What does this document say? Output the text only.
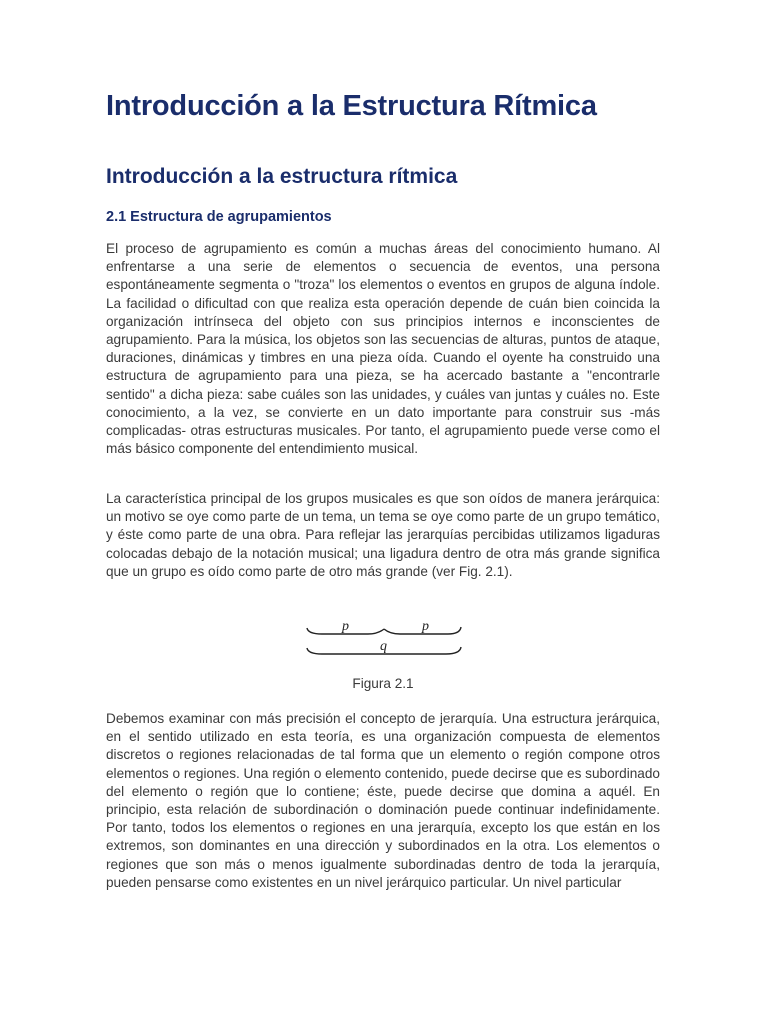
Introducción a la Estructura Rítmica
Introducción a la estructura rítmica
2.1 Estructura de agrupamientos

El proceso de agrupamiento es común a muchas áreas del conocimiento humano. Al enfrentarse a una serie de elementos o secuencia de eventos, una persona espontáneamente segmenta o "troza" los elementos o eventos en grupos de alguna índole. La facilidad o dificultad con que realiza esta operación depende de cuán bien coincida la organización intrínseca del objeto con sus principios internos e inconscientes de agrupamiento. Para la música, los objetos son las secuencias de alturas, puntos de ataque, duraciones, dinámicas y timbres en una pieza oída. Cuando el oyente ha construido una estructura de agrupamiento para una pieza, se ha acercado bastante a "encontrarle sentido" a dicha pieza: sabe cuáles son las unidades, y cuáles van juntas y cuáles no. Este conocimiento, a la vez, se convierte en un dato importante para construir sus -más complicadas- otras estructuras musicales. Por tanto, el agrupamiento puede verse como el más básico componente del entendimiento musical.

La característica principal de los grupos musicales es que son oídos de manera jerárquica: un motivo se oye como parte de un tema, un tema se oye como parte de un grupo temático, y éste como parte de una obra. Para reflejar las jerarquías percibidas utilizamos ligaduras colocadas debajo de la notación musical; una ligadura dentro de otra más grande significa que un grupo es oído como parte de otro más grande (ver Fig. 2.1).

p	p
q

Figura 2.1

Debemos examinar con más precisión el concepto de jerarquía. Una estructura jerárquica, en el sentido utilizado en esta teoría, es una organización compuesta de elementos discretos o regiones relacionadas de tal forma que un elemento o región compone otros elementos o regiones. Una región o elemento contenido, puede decirse que es subordinado del elemento o región que lo contiene; éste, puede decirse que domina a aquél. En principio, esta relación de subordinación o dominación puede continuar indefinidamente. Por tanto, todos los elementos o regiones en una jerarquía, excepto los que están en los extremos, son dominantes en una dirección y subordinados en la otra. Los elementos o regiones que son más o menos igualmente subordinadas dentro de toda la jerarquía, pueden pensarse como existentes en un nivel jerárquico particular. Un nivel particular
